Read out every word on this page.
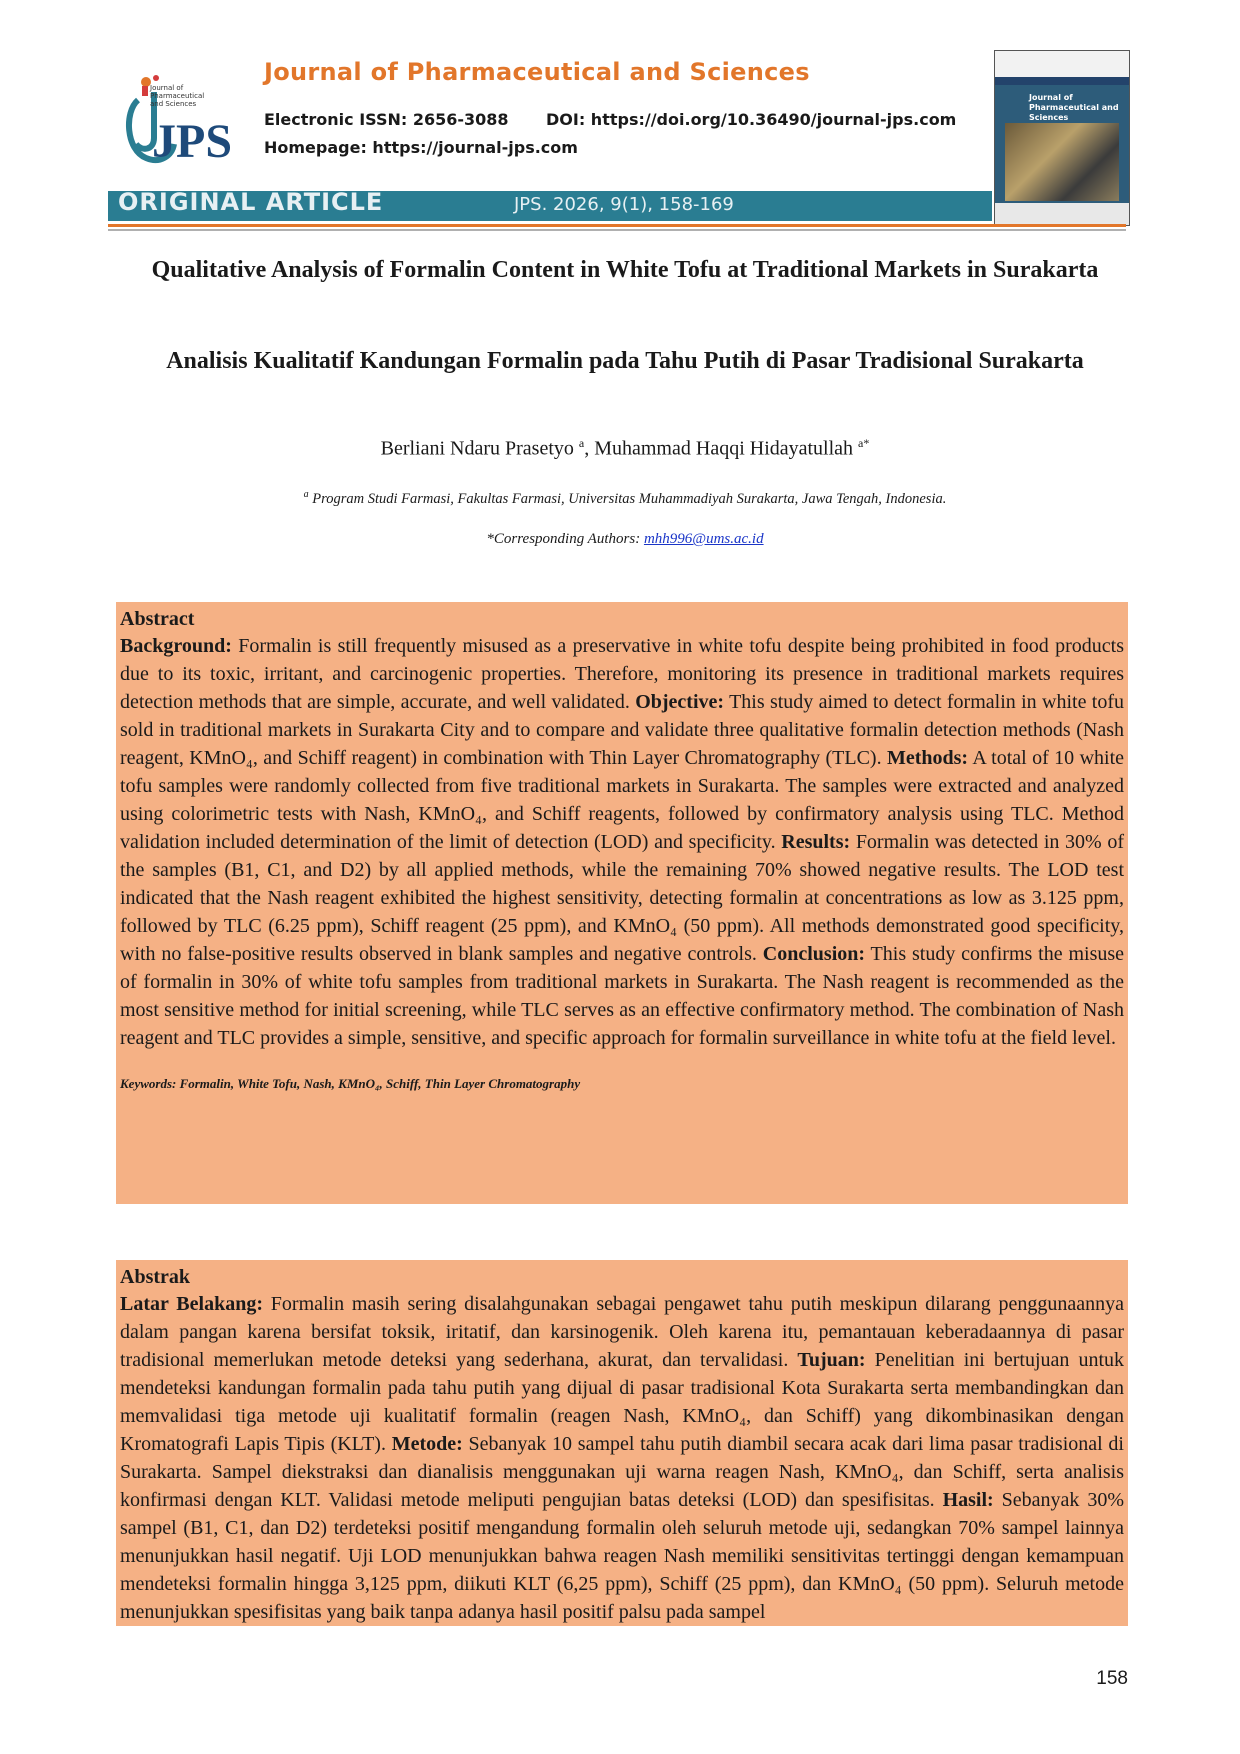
Journal of Pharmaceutical and Sciences
JPS
Journal of Pharmaceutical and Sciences
Electronic ISSN: 2656-3088 DOI: https://doi.org/10.36490/journal-jps.com
Homepage: https://journal-jps.com
Journal of Pharmaceutical and Sciences
ORIGINAL ARTICLE	JPS. 2026, 9(1), 158-169
Qualitative Analysis of Formalin Content in White Tofu at Traditional Markets in Surakarta
Analisis Kualitatif Kandungan Formalin pada Tahu Putih di Pasar Tradisional Surakarta
Berliani Ndaru Prasetyo $^a$, Muhammad Haqqi Hidayatullah $^{a*}$
$^a$ Program Studi Farmasi, Fakultas Farmasi, Universitas Muhammadiyah Surakarta, Jawa Tengah, Indonesia.
*Corresponding Authors: mhh996@ums.ac.id
Abstract

Background: Formalin is still frequently misused as a preservative in white tofu despite being prohibited in food products due to its toxic, irritant, and carcinogenic properties. Therefore, monitoring its presence in traditional markets requires detection methods that are simple, accurate, and well validated. Objective: This study aimed to detect formalin in white tofu sold in traditional markets in Surakarta City and to compare and validate three qualitative formalin detection methods (Nash reagent, KMnO₄, and Schiff reagent) in combination with Thin Layer Chromatography (TLC). Methods: A total of 10 white tofu samples were randomly collected from five traditional markets in Surakarta. The samples were extracted and analyzed using colorimetric tests with Nash, KMnO₄, and Schiff reagents, followed by confirmatory analysis using TLC. Method validation included determination of the limit of detection (LOD) and specificity. Results: Formalin was detected in 30% of the samples (B1, C1, and D2) by all applied methods, while the remaining 70% showed negative results. The LOD test indicated that the Nash reagent exhibited the highest sensitivity, detecting formalin at concentrations as low as 3.125 ppm, followed by TLC (6.25 ppm), Schiff reagent (25 ppm), and KMnO₄ (50 ppm). All methods demonstrated good specificity, with no false-positive results observed in blank samples and negative controls. Conclusion: This study confirms the misuse of formalin in 30% of white tofu samples from traditional markets in Surakarta. The Nash reagent is recommended as the most sensitive method for initial screening, while TLC serves as an effective confirmatory method. The combination of Nash reagent and TLC provides a simple, sensitive, and specific approach for formalin surveillance in white tofu at the field level.

Keywords: Formalin, White Tofu, Nash, KMnO₄, Schiff, Thin Layer Chromatography
Abstrak

Latar Belakang: Formalin masih sering disalahgunakan sebagai pengawet tahu putih meskipun dilarang penggunaannya dalam pangan karena bersifat toksik, iritatif, dan karsinogenik. Oleh karena itu, pemantauan keberadaannya di pasar tradisional memerlukan metode deteksi yang sederhana, akurat, dan tervalidasi. Tujuan: Penelitian ini bertujuan untuk mendeteksi kandungan formalin pada tahu putih yang dijual di pasar tradisional Kota Surakarta serta membandingkan dan memvalidasi tiga metode uji kualitatif formalin (reagen Nash, KMnO₄, dan Schiff) yang dikombinasikan dengan Kromatografi Lapis Tipis (KLT). Metode: Sebanyak 10 sampel tahu putih diambil secara acak dari lima pasar tradisional di Surakarta. Sampel diekstraksi dan dianalisis menggunakan uji warna reagen Nash, KMnO₄, dan Schiff, serta analisis konfirmasi dengan KLT. Validasi metode meliputi pengujian batas deteksi (LOD) dan spesifisitas. Hasil: Sebanyak 30% sampel (B1, C1, dan D2) terdeteksi positif mengandung formalin oleh seluruh metode uji, sedangkan 70% sampel lainnya menunjukkan hasil negatif. Uji LOD menunjukkan bahwa reagen Nash memiliki sensitivitas tertinggi dengan kemampuan mendeteksi formalin hingga 3,125 ppm, diikuti KLT (6,25 ppm), Schiff (25 ppm), dan KMnO₄ (50 ppm). Seluruh metode menunjukkan spesifisitas yang baik tanpa adanya hasil positif palsu pada sampel

158
